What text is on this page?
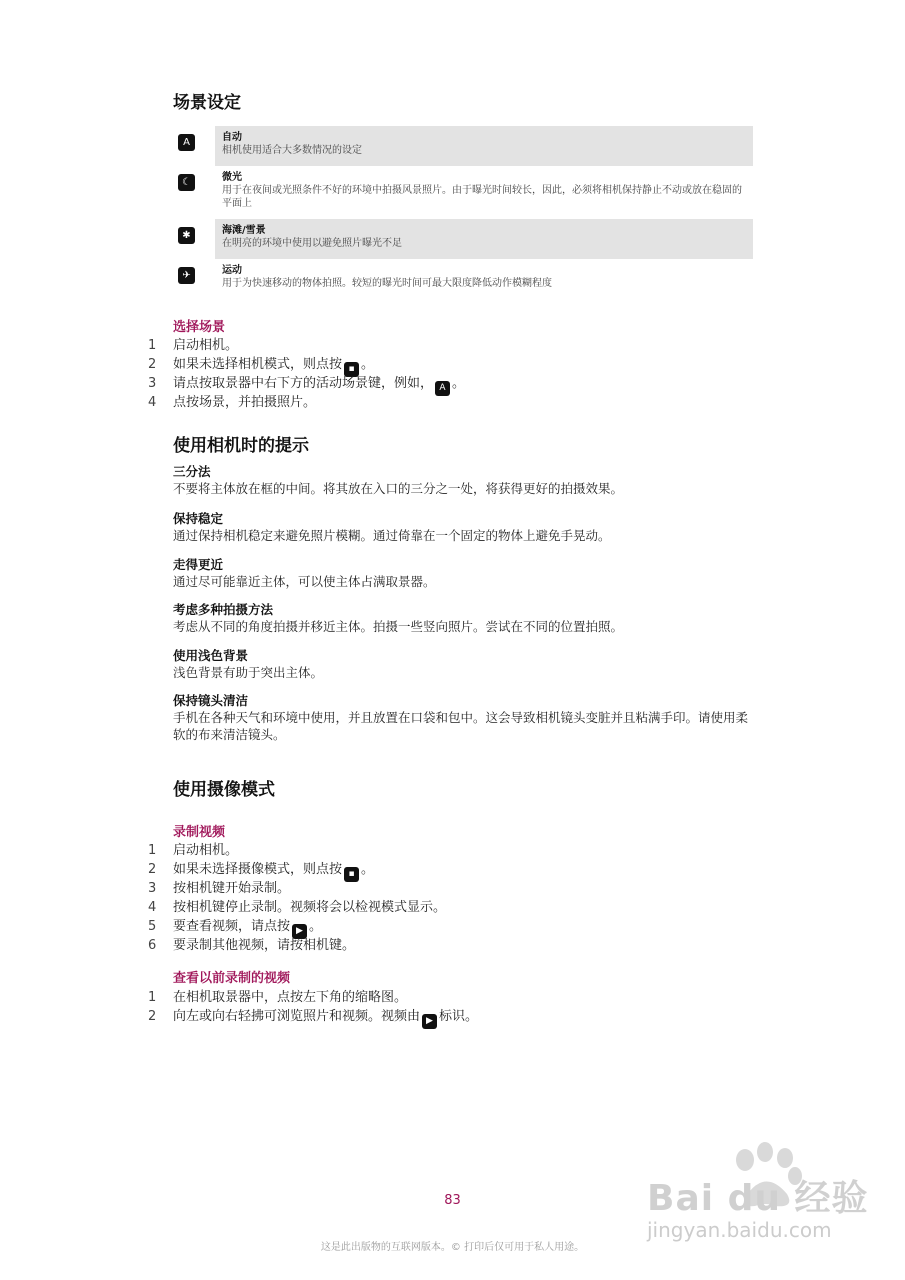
场景设定
A	自动
相机使用适合大多数情况的设定
☾	微光
用于在夜间或光照条件不好的环境中拍摄风景照片。由于曝光时间较长，因此，必须将相机保持静止不动或放在稳固的平面上
✱	海滩/雪景
在明亮的环境中使用以避免照片曝光不足
✈	运动
用于为快速移动的物体拍照。较短的曝光时间可最大限度降低动作模糊程度
选择场景
1	启动相机。
2	如果未选择相机模式，则点按 ▪ 。
3	请点按取景器中右下方的活动场景键，例如， A 。
4	点按场景，并拍摄照片。
使用相机时的提示
三分法
不要将主体放在框的中间。将其放在入口的三分之一处，将获得更好的拍摄效果。
保持稳定
通过保持相机稳定来避免照片模糊。通过倚靠在一个固定的物体上避免手晃动。
走得更近
通过尽可能靠近主体，可以使主体占满取景器。
考虑多种拍摄方法
考虑从不同的角度拍摄并移近主体。拍摄一些竖向照片。尝试在不同的位置拍照。
使用浅色背景
浅色背景有助于突出主体。
保持镜头清洁
手机在各种天气和环境中使用，并且放置在口袋和包中。这会导致相机镜头变脏并且粘满手印。请使用柔软的布来清洁镜头。
使用摄像模式
录制视频
1	启动相机。
2	如果未选择摄像模式，则点按 ▪ 。
3	按相机键开始录制。
4	按相机键停止录制。视频将会以检视模式显示。
5	要查看视频，请点按 ▶ 。
6	要录制其他视频，请按相机键。
查看以前录制的视频
1	在相机取景器中，点按左下角的缩略图。
2	向左或向右轻拂可浏览照片和视频。视频由 ▶ 标识。
83
这是此出版物的互联网版本。© 打印后仅可用于私人用途。
Bai du 经验
jingyan.baidu.com
